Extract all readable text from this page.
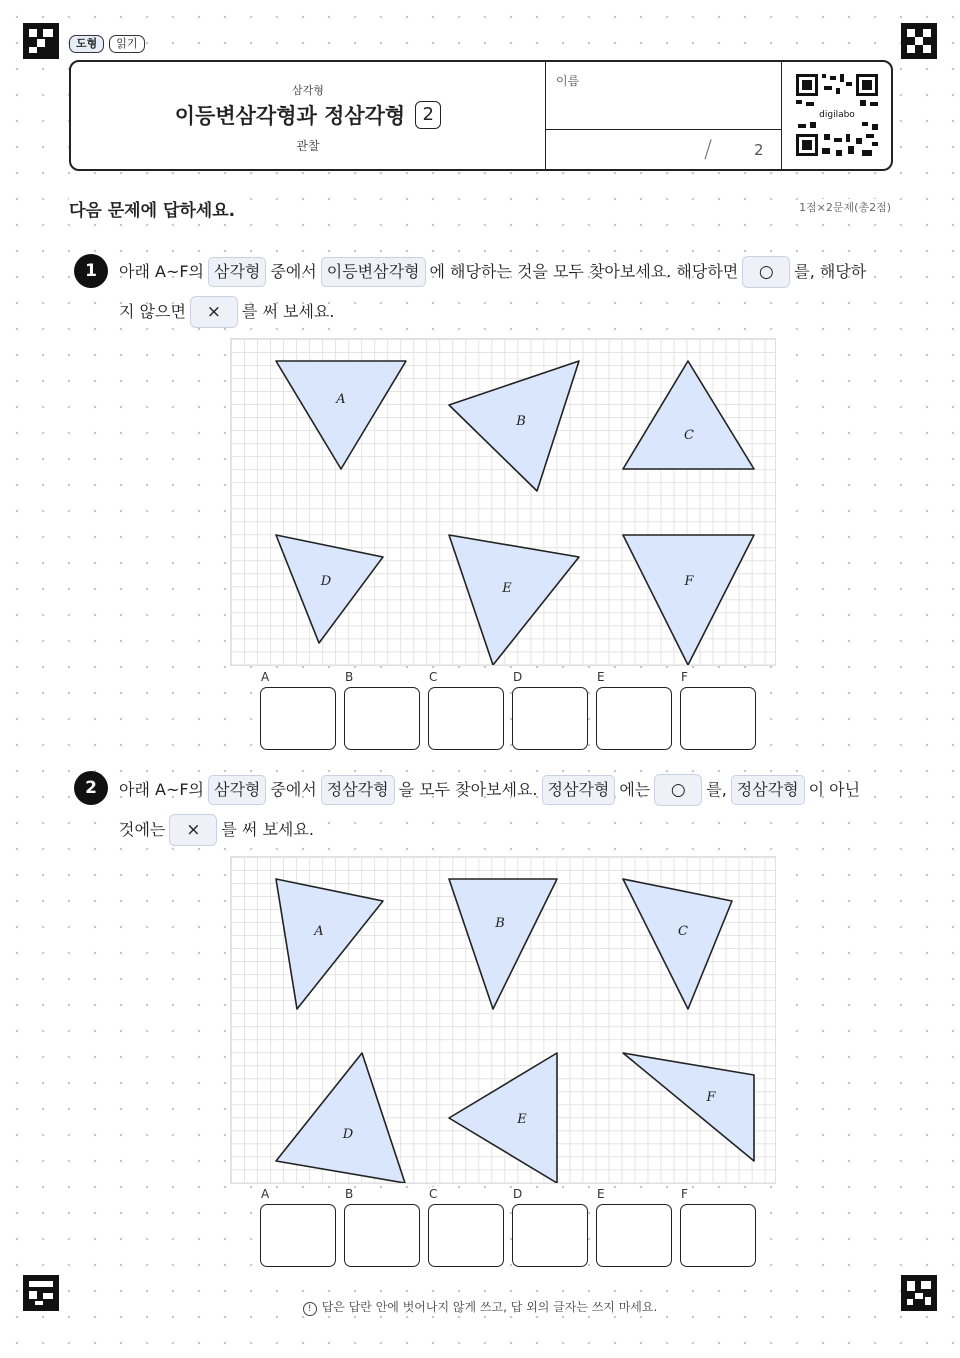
도형	읽기
삼각형
이등변삼각형과 정삼각형 2
관찰
이름
/	2
digilabo
다음 문제에 답하세요.	1점×2문제(총2점)
1	아래 A~F의 삼각형 중에서 이등변삼각형 에 해당하는 것을 모두 찾아보세요. 해당하면	○	를, 해당하
지 않으면	×	를 써 보세요.
A
B
C
D	E	F
A	B	C	D	E	F
2	아래 A~F의 삼각형 중에서 정삼각형 을 모두 찾아보세요. 정삼각형 에는	○	를, 정삼각형 이 아닌
것에는	×	를 써 보세요.
A
B
C
D
E
F
A	B	C	D	E	F
! 답은 답란 안에 벗어나지 않게 쓰고, 답 외의 글자는 쓰지 마세요.
